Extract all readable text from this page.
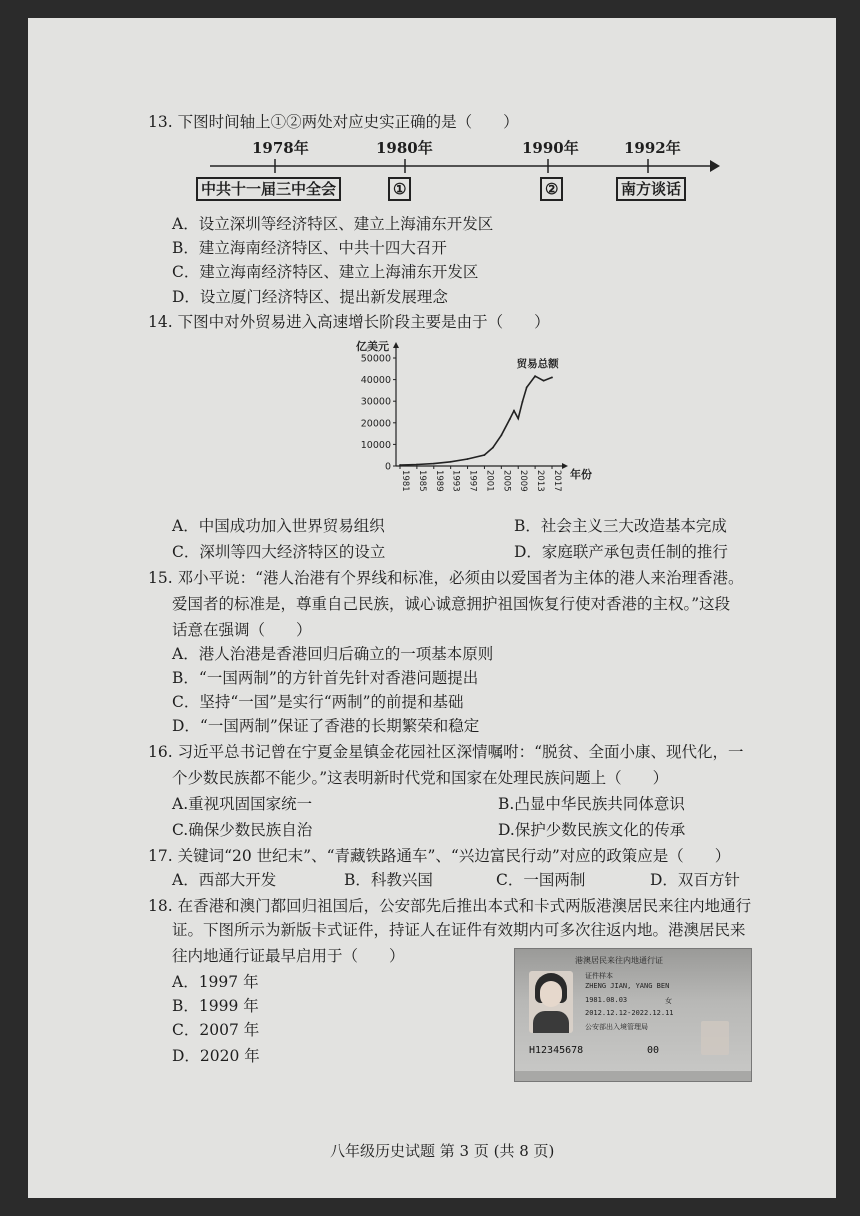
13. 下图时间轴上①②两处对应史实正确的是（　　）
1978年	1980年	1990年	1992年
中共十一届三中全会	①	②	南方谈话
A．设立深圳等经济特区、建立上海浦东开发区
B．建立海南经济特区、中共十四大召开
C．建立海南经济特区、建立上海浦东开发区
D．设立厦门经济特区、提出新发展理念
14. 下图中对外贸易进入高速增长阶段主要是由于（　　）
亿美元
0
10000
20000
30000
40000
50000
1981 1985 1989 1993 1997 2001 2005 2009 2013 2017 年份
贸易总额
A．中国成功加入世界贸易组织	B．社会主义三大改造基本完成
C．深圳等四大经济特区的设立	D．家庭联产承包责任制的推行
15. 邓小平说：“港人治港有个界线和标准，必须由以爱国者为主体的港人来治理香港。
爱国者的标准是，尊重自己民族，诚心诚意拥护祖国恢复行使对香港的主权。”这段
话意在强调（　　）
A．港人治港是香港回归后确立的一项基本原则
B．“一国两制”的方针首先针对香港问题提出
C．坚持“一国”是实行“两制”的前提和基础
D．“一国两制”保证了香港的长期繁荣和稳定
16. 习近平总书记曾在宁夏金星镇金花园社区深情嘱咐：“脱贫、全面小康、现代化，一
个少数民族都不能少。”这表明新时代党和国家在处理民族问题上（　　）
A.重视巩固国家统一	B.凸显中华民族共同体意识
C.确保少数民族自治	D.保护少数民族文化的传承
17. 关键词“20 世纪末”、“青藏铁路通车”、“兴边富民行动”对应的政策应是（　　）
A．西部大开发	B．科教兴国	C．一国两制	D．双百方针
18. 在香港和澳门都回归祖国后，公安部先后推出本式和卡式两版港澳居民来往内地通行
证。下图所示为新版卡式证件，持证人在证件有效期内可多次往返内地。港澳居民来
往内地通行证最早启用于（　　）
A．1997 年
B．1999 年
C．2007 年
D．2020 年
港澳居民来往内地通行证
证件样本
ZHENG JIAN, YANG BEN
1981.08.03	女
2012.12.12-2022.12.11
公安部出入境管理局
H12345678	00
八年级历史试题 第 3 页 (共 8 页)
